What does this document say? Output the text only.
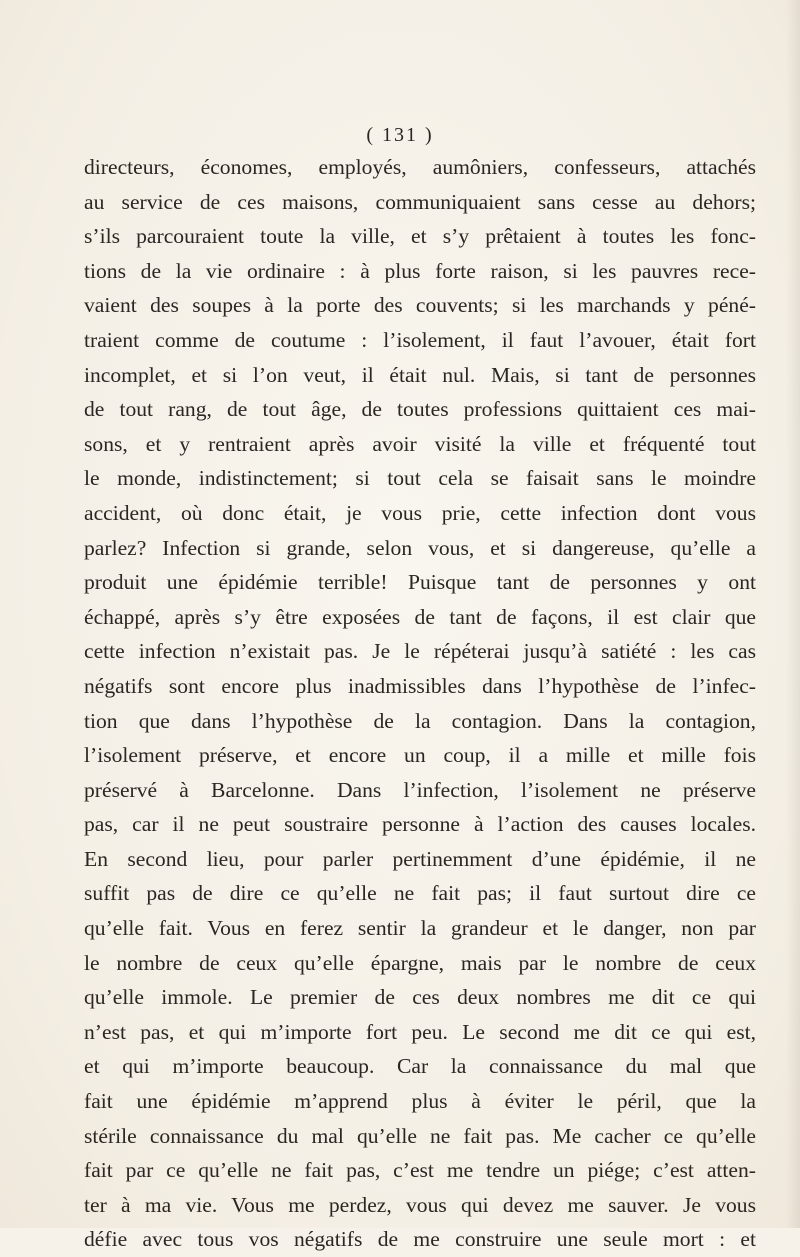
( 131 )
directeurs, économes, employés, aumôniers, confesseurs, attachés
au service de ces maisons, communiquaient sans cesse au dehors;
s’ils parcouraient toute la ville, et s’y prêtaient à toutes les fonc-
tions de la vie ordinaire : à plus forte raison, si les pauvres rece-
vaient des soupes à la porte des couvents; si les marchands y péné-
traient comme de coutume : l’isolement, il faut l’avouer, était fort
incomplet, et si l’on veut, il était nul. Mais, si tant de personnes
de tout rang, de tout âge, de toutes professions quittaient ces mai-
sons, et y rentraient après avoir visité la ville et fréquenté tout
le monde, indistinctement; si tout cela se faisait sans le moindre
accident, où donc était, je vous prie, cette infection dont vous
parlez? Infection si grande, selon vous, et si dangereuse, qu’elle a
produit une épidémie terrible! Puisque tant de personnes y ont
échappé, après s’y être exposées de tant de façons, il est clair que
cette infection n’existait pas. Je le répéterai jusqu’à satiété : les cas
négatifs sont encore plus inadmissibles dans l’hypothèse de l’infec-
tion que dans l’hypothèse de la contagion. Dans la contagion,
l’isolement préserve, et encore un coup, il a mille et mille fois
préservé à Barcelonne. Dans l’infection, l’isolement ne préserve
pas, car il ne peut soustraire personne à l’action des causes locales.
En second lieu, pour parler pertinemment d’une épidémie, il ne
suffit pas de dire ce qu’elle ne fait pas; il faut surtout dire ce
qu’elle fait. Vous en ferez sentir la grandeur et le danger, non par
le nombre de ceux qu’elle épargne, mais par le nombre de ceux
qu’elle immole. Le premier de ces deux nombres me dit ce qui
n’est pas, et qui m’importe fort peu. Le second me dit ce qui est,
et qui m’importe beaucoup. Car la connaissance du mal que
fait une épidémie m’apprend plus à éviter le péril, que la
stérile connaissance du mal qu’elle ne fait pas. Me cacher ce qu’elle
fait par ce qu’elle ne fait pas, c’est me tendre un piége; c’est atten-
ter à ma vie. Vous me perdez, vous qui devez me sauver. Je vous
défie avec tous vos négatifs de me construire une seule mort : et
